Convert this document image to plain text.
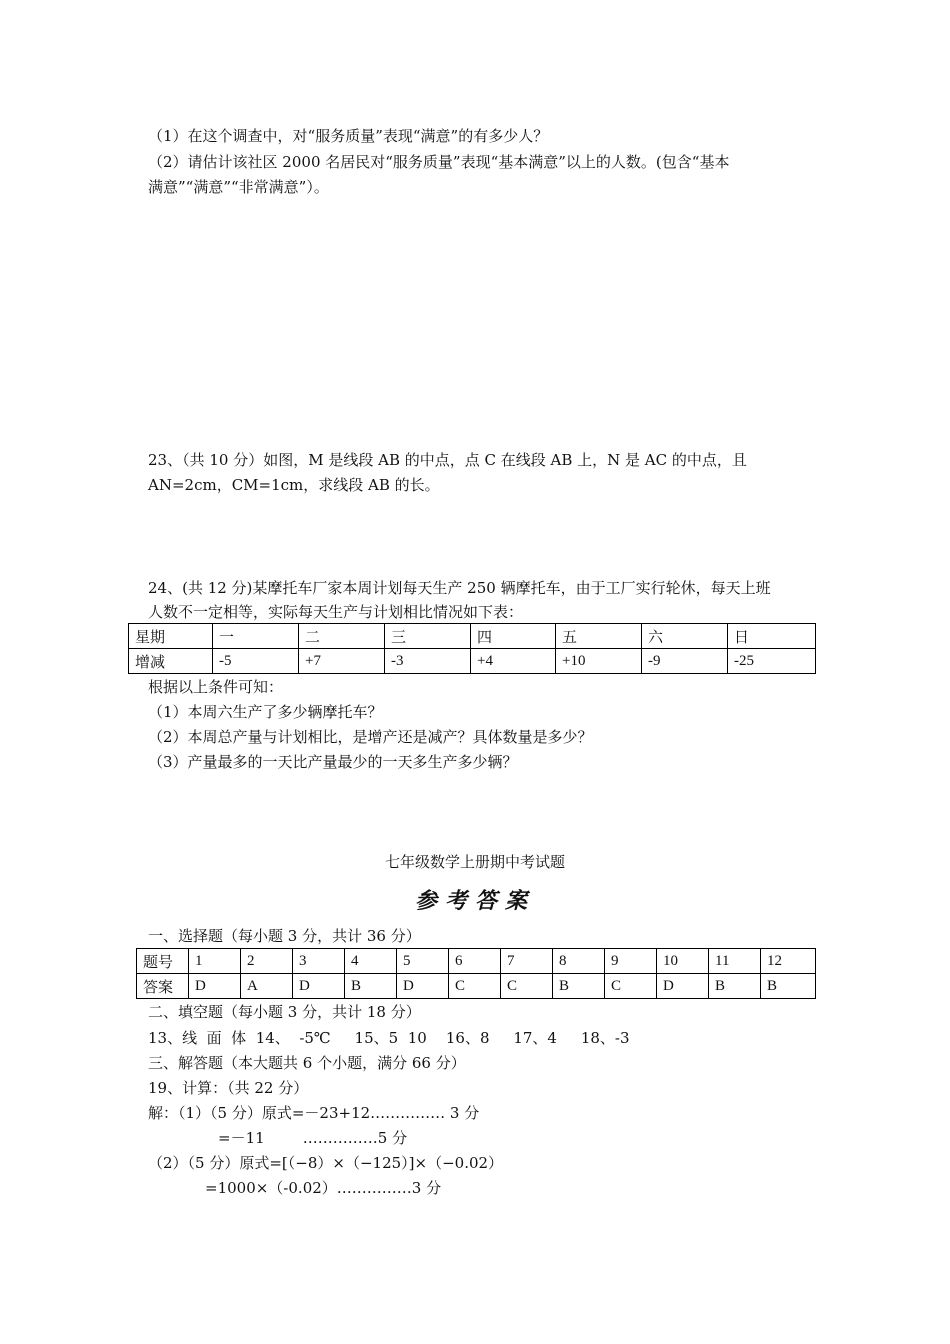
（1）在这个调查中，对“服务质量”表现“满意”的有多少人？
（2）请估计该社区 2000 名居民对“服务质量”表现“基本满意”以上的人数。(包含“基本
满意”“满意”“非常满意”）。
23、（共 10 分）如图，M 是线段 AB 的中点，点 C 在线段 AB 上，N 是 AC 的中点，且
AN=2cm，CM=1cm，求线段 AB 的长。
24、(共 12 分)某摩托车厂家本周计划每天生产 250 辆摩托车，由于工厂实行轮休，每天上班
人数不一定相等，实际每天生产与计划相比情况如下表：
星期	一	二	三	四	五	六	日
增减	-5	+7	-3	+4	+10	-9	-25
根据以上条件可知：
（1）本周六生产了多少辆摩托车？
（2）本周总产量与计划相比，是增产还是减产？具体数量是多少？
（3）产量最多的一天比产量最少的一天多生产多少辆？
七年级数学上册期中考试题
参考答案
一、选择题（每小题 3 分，共计 36 分）
题号	1	2	3	4	5	6	7	8	9	10	11	12
答案	D	A	D	B	D	C	C	B	C	D	B	B
二、填空题（每小题 3 分，共计 18 分）
13、线  面  体  14、  -5℃     15、5  10    16、8     17、4     18、-3
三、解答题（本大题共 6 个小题，满分 66 分）
19、计算：（共 22 分）
解：（1）（5 分）原式=－23+12…………… 3 分
=－11        ……………5 分
（2）（5 分）原式=[（−8）×（−125）]×（−0.02）
=1000×（-0.02）……………3 分
